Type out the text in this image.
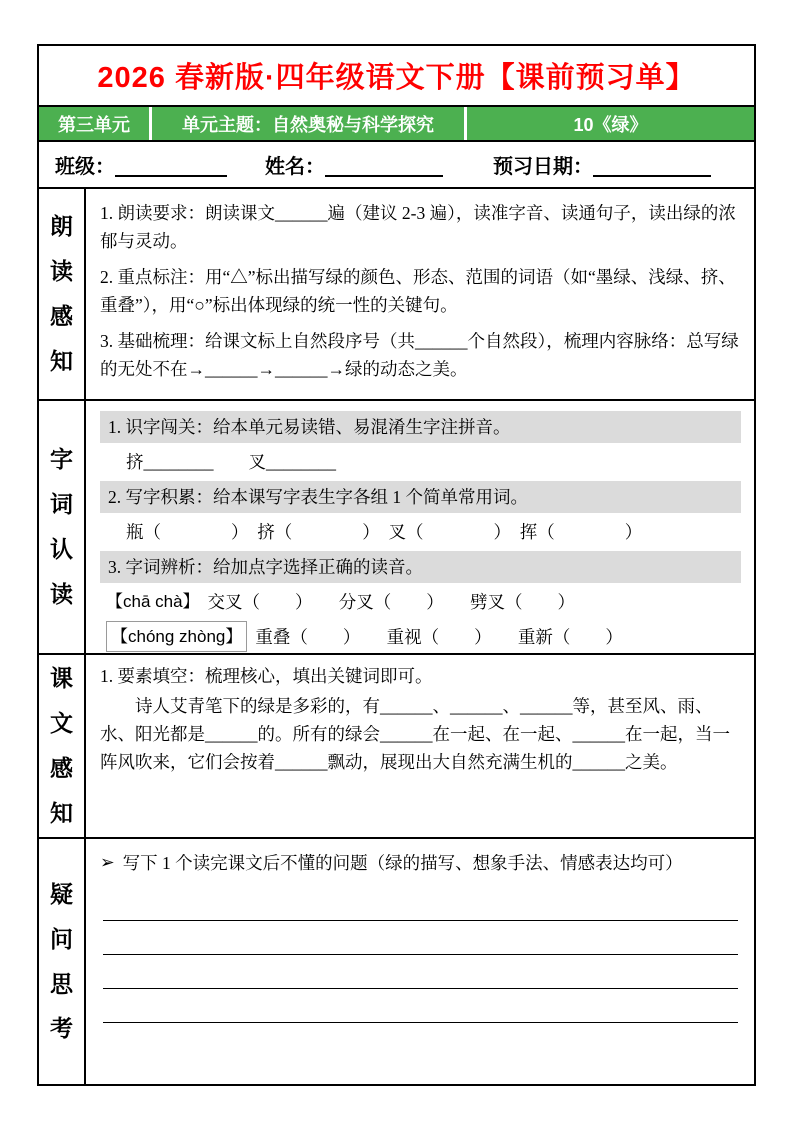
2026 春新版·四年级语文下册【课前预习单】
第三单元	单元主题：自然奥秘与科学探究	10《绿》
班级：	姓名：	预习日期：
朗读感知

1. 朗读要求：朗读课文______遍（建议 2-3 遍），读准字音、读通句子，读出绿的浓郁与灵动。

2. 重点标注：用“△”标出描写绿的颜色、形态、范围的词语（如“墨绿、浅绿、挤、重叠”），用“○”标出体现绿的统一性的关键句。

3. 基础梳理：给课文标上自然段序号（共______个自然段），梳理内容脉络：总写绿的无处不在→______→______→绿的动态之美。

字词认读
1. 识字闯关：给本单元易读错、易混淆生字注拼音。
挤________　　叉________
2. 写字积累：给本课写字表生字各组 1 个简单常用词。
瓶（　　　　）　挤（　　　　）　叉（　　　　）　挥（　　　　）
3. 字词辨析：给加点字选择正确的读音。
【chā chà】 交叉（　　）　　分叉（　　）　　劈叉（　　）
【chóng zhòng】 重叠（　　）　　重视（　　）　　重新（　　）
课文感知
1. 要素填空：梳理核心，填出关键词即可。
诗人艾青笔下的绿是多彩的，有______、______、______等，甚至风、雨、水、阳光都是______的。所有的绿会______在一起、在一起、______在一起，当一阵风吹来，它们会按着______飘动，展现出大自然充满生机的______之美。
疑问思考
➢ 写下 1 个读完课文后不懂的问题（绿的描写、想象手法、情感表达均可）
